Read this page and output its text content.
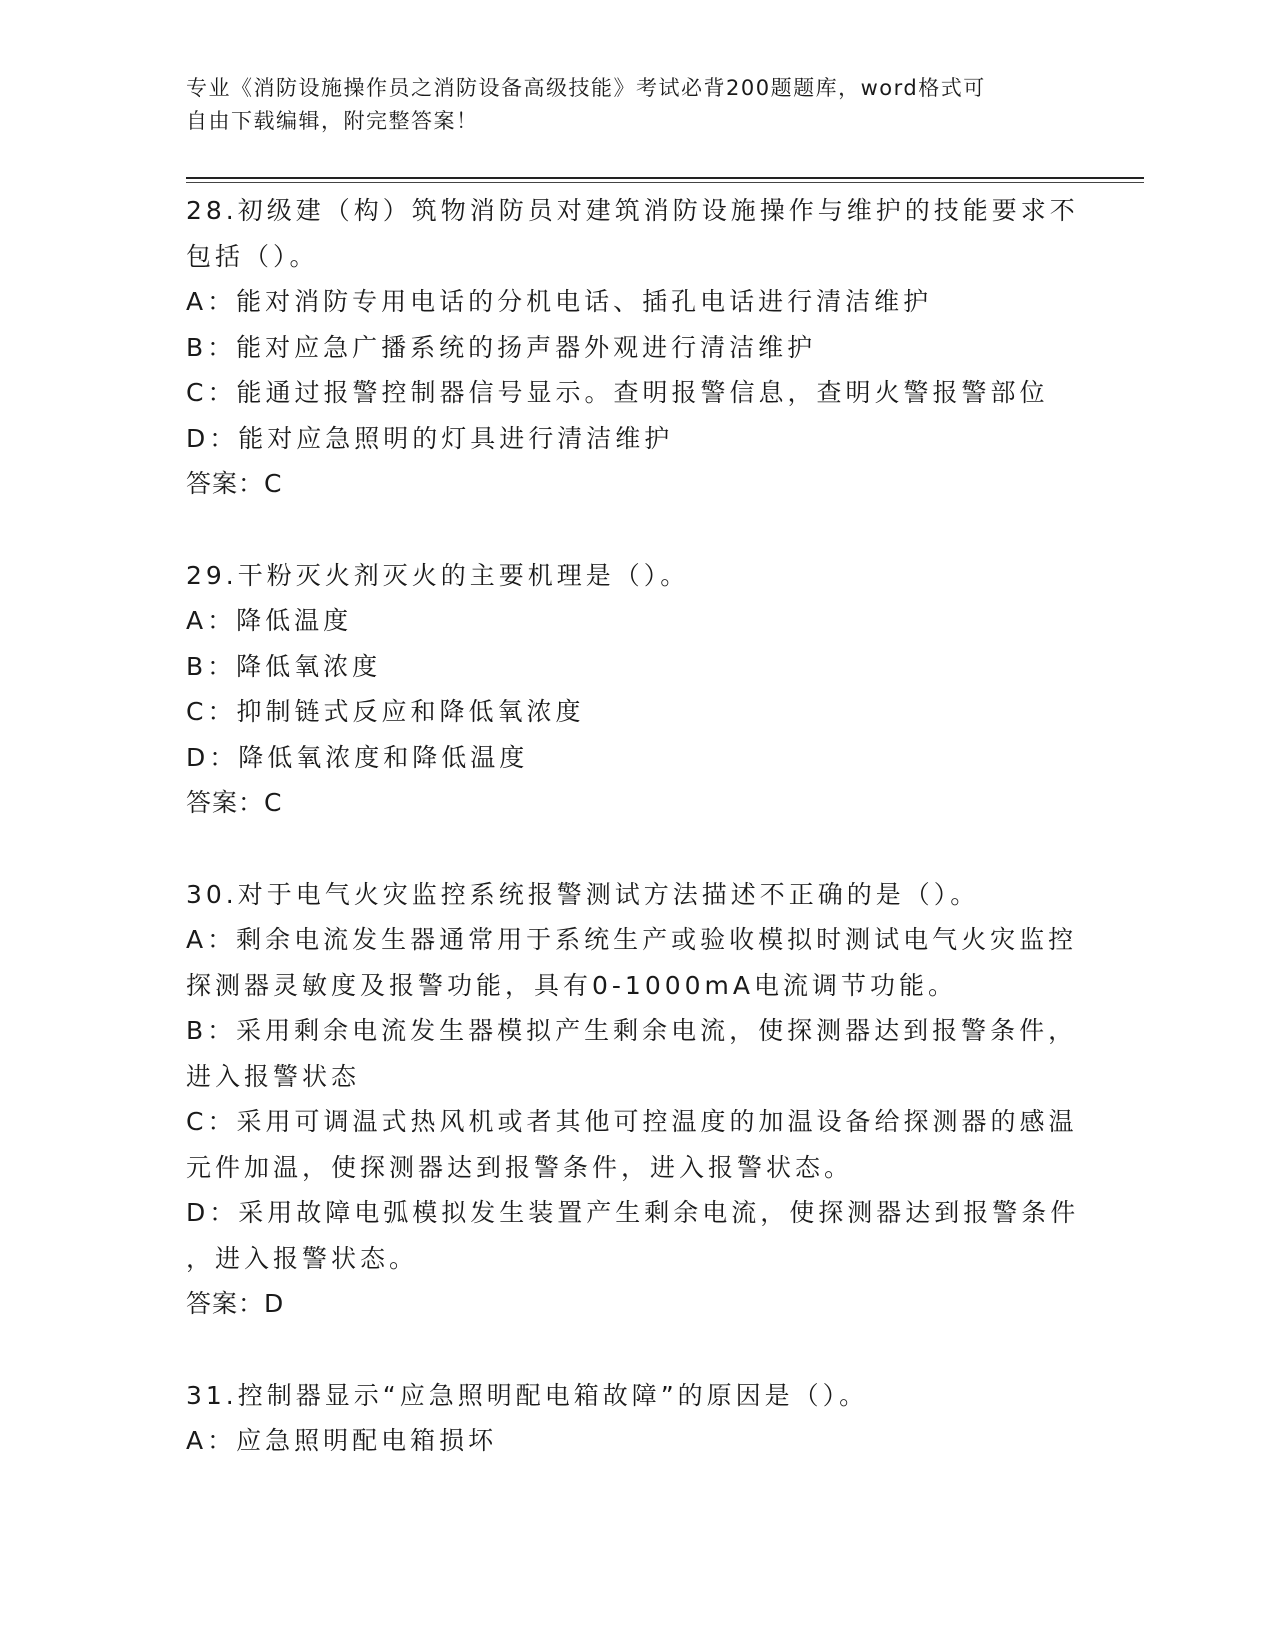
专业《消防设施操作员之消防设备高级技能》考试必背200题题库，word格式可
自由下载编辑，附完整答案！
28.初级建（构）筑物消防员对建筑消防设施操作与维护的技能要求不
包括（）。
A：能对消防专用电话的分机电话、插孔电话进行清洁维护
B：能对应急广播系统的扬声器外观进行清洁维护
C：能通过报警控制器信号显示。查明报警信息，查明火警报警部位
D：能对应急照明的灯具进行清洁维护
答案：C
29.干粉灭火剂灭火的主要机理是（）。
A：降低温度
B：降低氧浓度
C：抑制链式反应和降低氧浓度
D：降低氧浓度和降低温度
答案：C
30.对于电气火灾监控系统报警测试方法描述不正确的是（）。
A：剩余电流发生器通常用于系统生产或验收模拟时测试电气火灾监控
探测器灵敏度及报警功能，具有0-1000mA电流调节功能。
B：采用剩余电流发生器模拟产生剩余电流，使探测器达到报警条件，
进入报警状态
C：采用可调温式热风机或者其他可控温度的加温设备给探测器的感温
元件加温，使探测器达到报警条件，进入报警状态。
D：采用故障电弧模拟发生装置产生剩余电流，使探测器达到报警条件
，进入报警状态。
答案：D
31.控制器显示“应急照明配电箱故障”的原因是（）。
A：应急照明配电箱损坏
